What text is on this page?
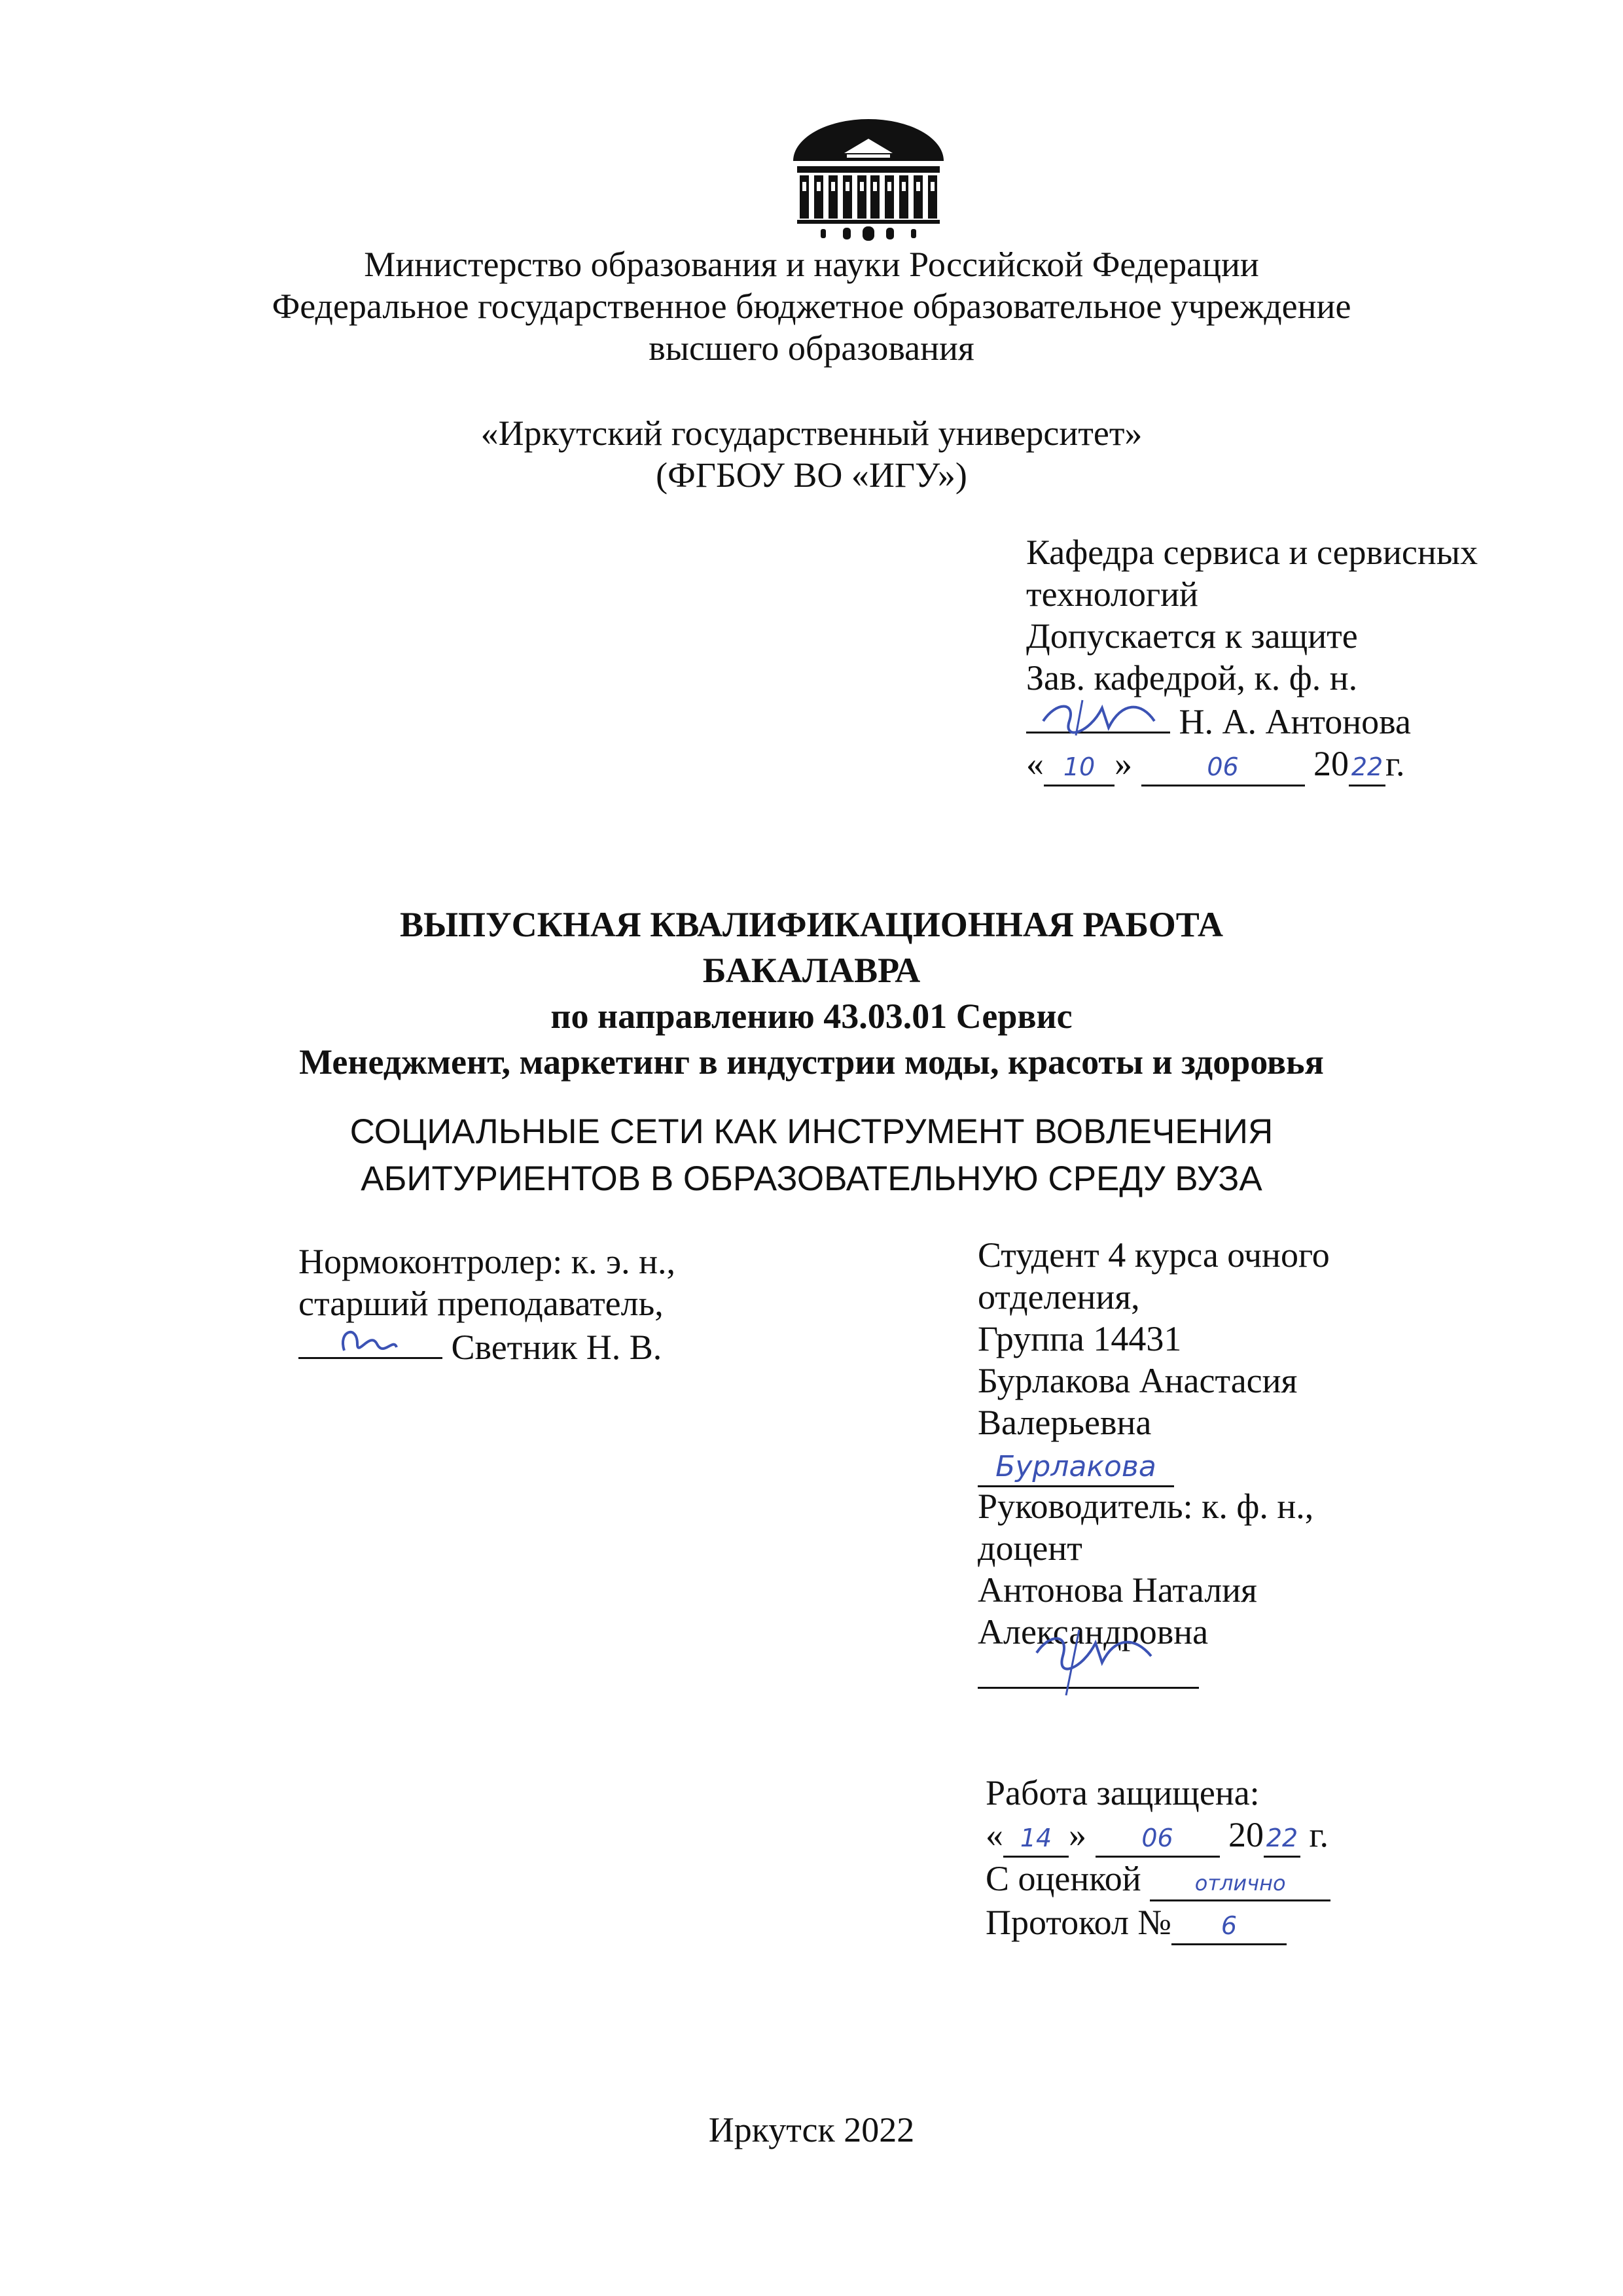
Министерство образования и науки Российской Федерации
Федеральное государственное бюджетное образовательное учреждение
высшего образования
«Иркутский государственный университет»
(ФГБОУ ВО «ИГУ»)
Кафедра сервиса и сервисных
технологий
Допускается к защите
Зав. кафедрой, к. ф. н.
Н. А. Антонова
« 10 »	06 20 22г.
ВЫПУСКНАЯ КВАЛИФИКАЦИОННАЯ РАБОТА
БАКАЛАВРА
по направлению 43.03.01 Сервис
Менеджмент, маркетинг в индустрии моды, красоты и здоровья
СОЦИАЛЬНЫЕ СЕТИ КАК ИНСТРУМЕНТ ВОВЛЕЧЕНИЯ
АБИТУРИЕНТОВ В ОБРАЗОВАТЕЛЬНУЮ СРЕДУ ВУЗА
Нормоконтролер: к. э. н.,
старший преподаватель,
Светник Н. В.
Студент 4 курса очного
отделения,
Группа 14431
Бурлакова Анастасия
Валерьевна
Бурлакова
Руководитель: к. ф. н.,
доцент
Антонова Наталия
Александровна
Работа защищена:
« 14 » 06 20 22 г.
С оценкой	отлично
Протокол № 6
Иркутск 2022
